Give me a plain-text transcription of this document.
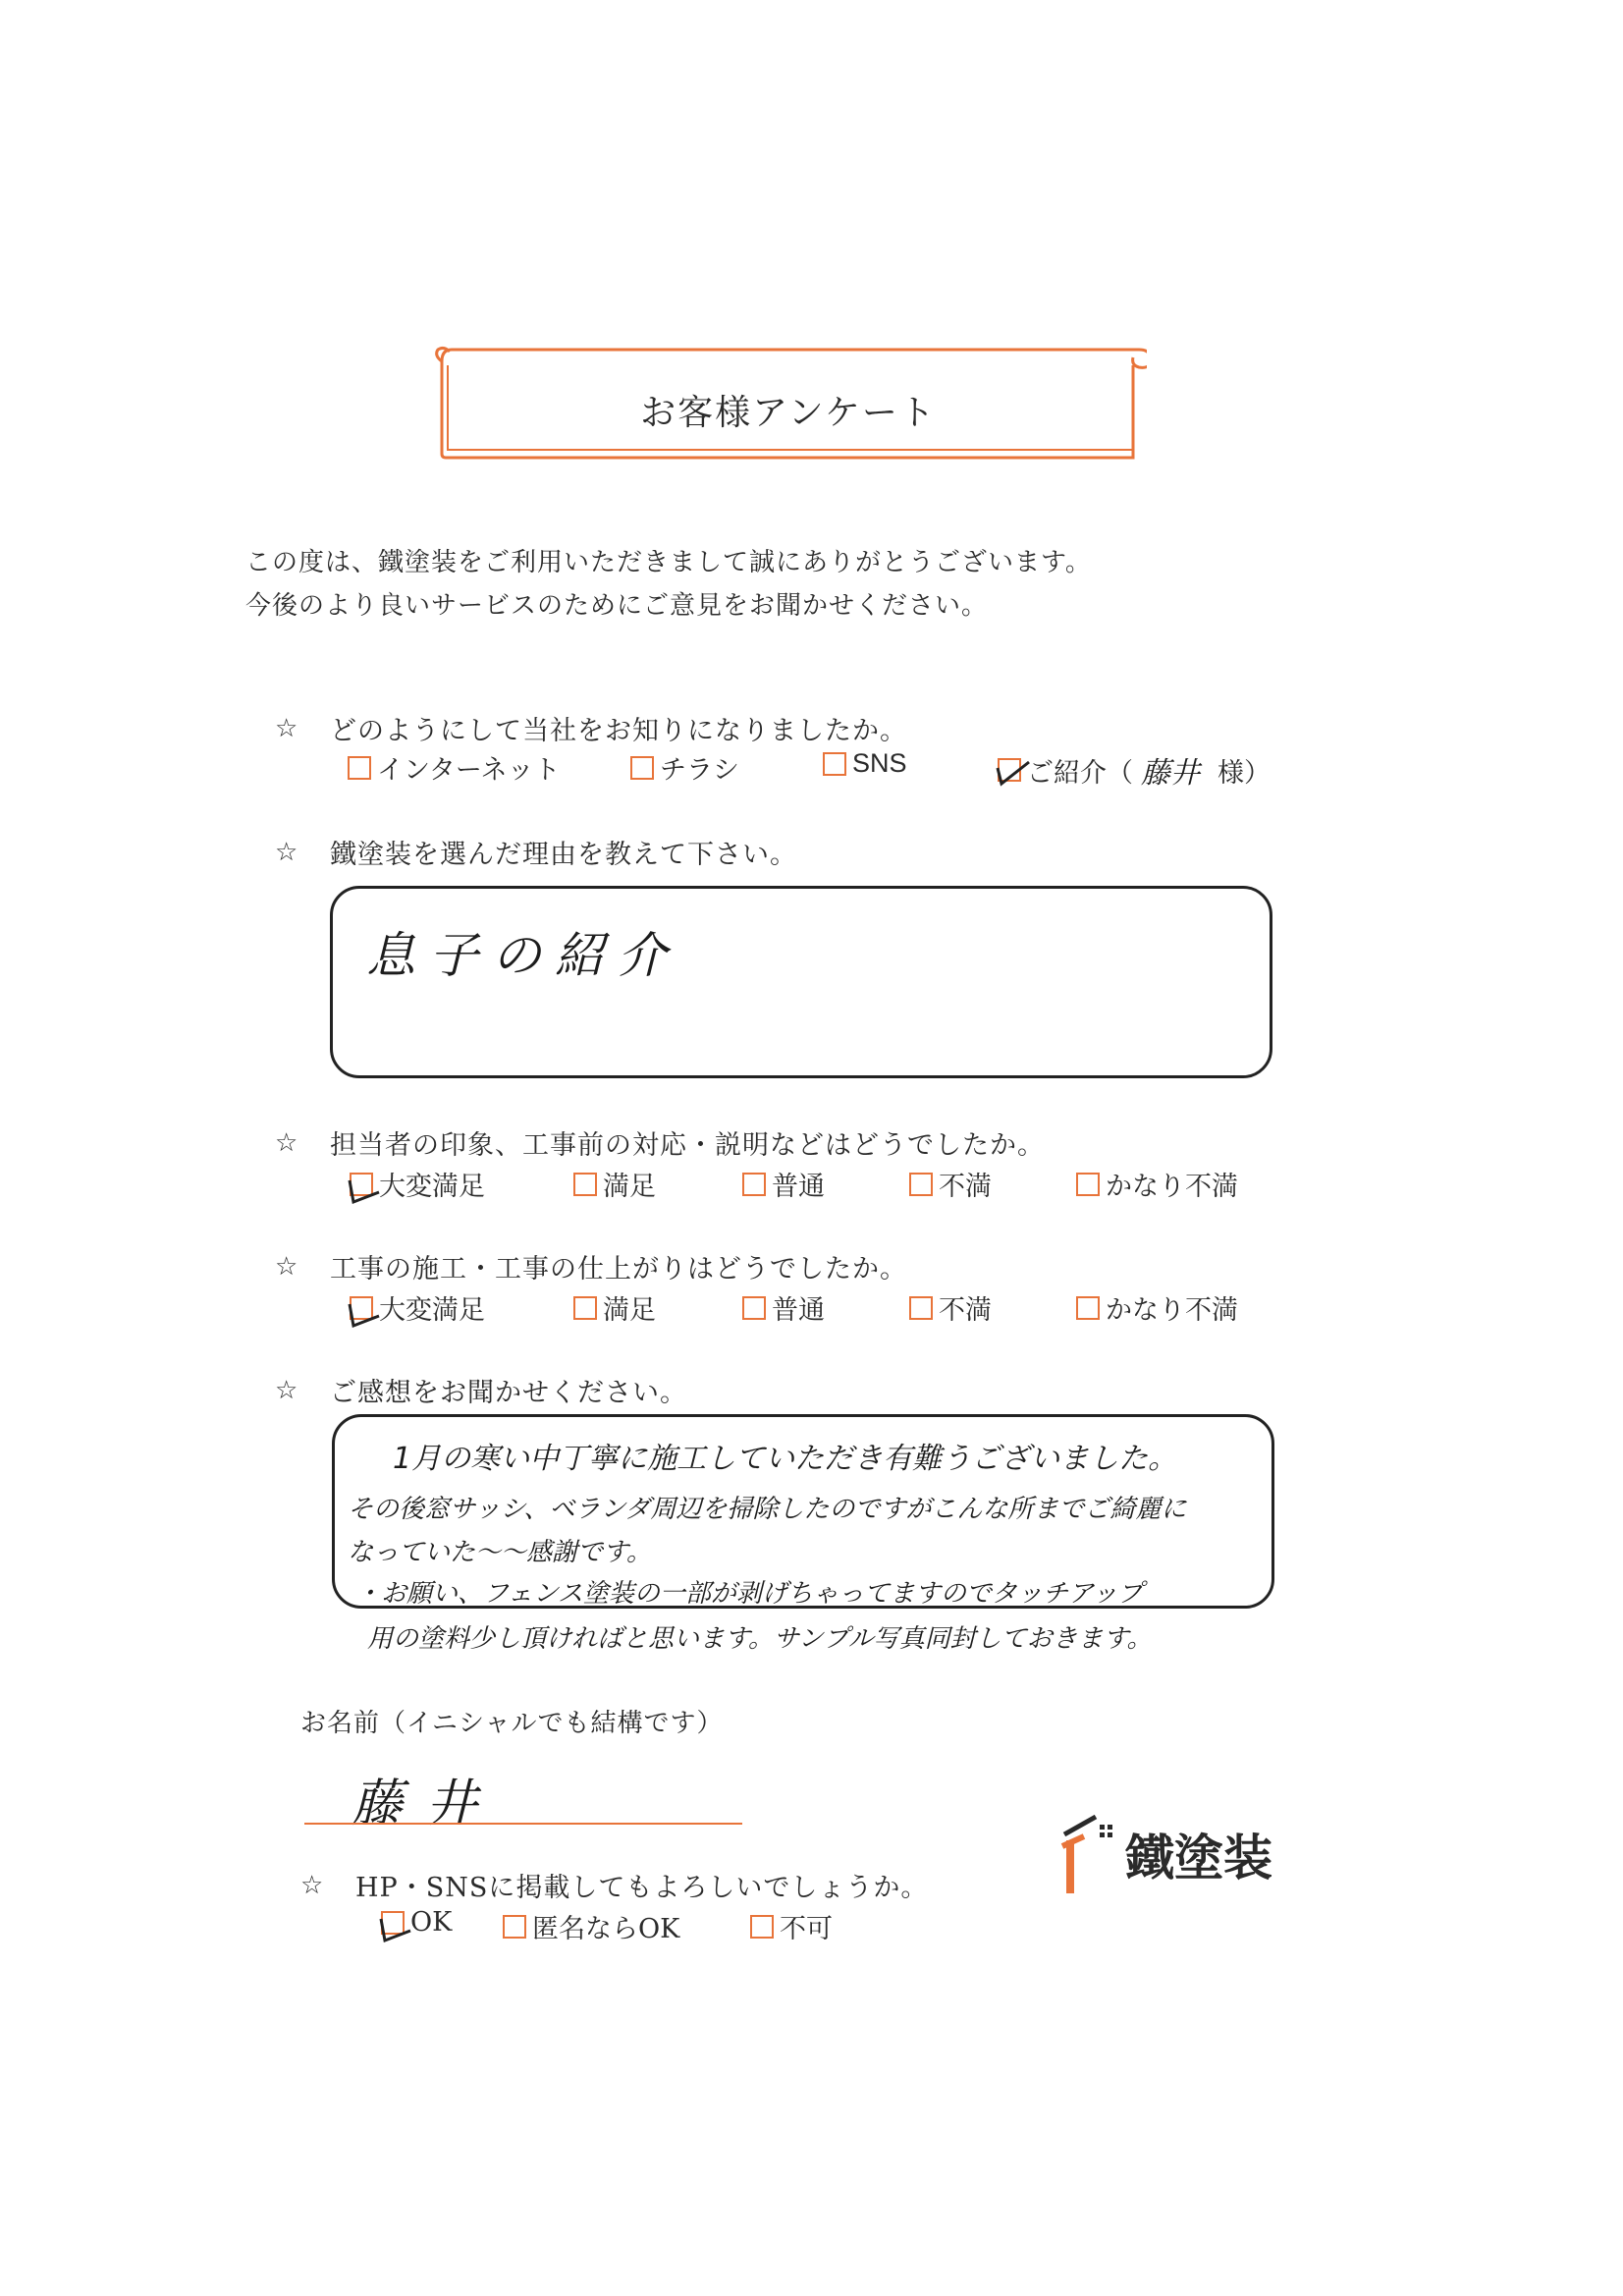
お客様アンケート
この度は、鐵塗装をご利用いただきまして誠にありがとうございます。
今後のより良いサービスのためにご意見をお聞かせください。
☆	どのようにして当社をお知りになりましたか。
インターネット	チラシ	SNS	ご紹介（ 藤井 様）
☆	鐵塗装を選んだ理由を教えて下さい。
息子の紹介
☆	担当者の印象、工事前の対応・説明などはどうでしたか。
大変満足	満足	普通	不満	かなり不満
☆	工事の施工・工事の仕上がりはどうでしたか。
大変満足	満足	普通	不満	かなり不満
☆	ご感想をお聞かせください。
1月の寒い中丁寧に施工していただき有難うございました。
その後窓サッシ、ベランダ周辺を掃除したのですがこんな所までご綺麗に
なっていた〜〜感謝です。
・お願い、フェンス塗装の一部が剥げちゃってますのでタッチアップ
用の塗料少し頂ければと思います。サンプル写真同封しておきます。
お名前（イニシャルでも結構です）
藤井
☆	HP・SNSに掲載してもよろしいでしょうか。
OK	匿名ならOK	不可
鐵塗装
